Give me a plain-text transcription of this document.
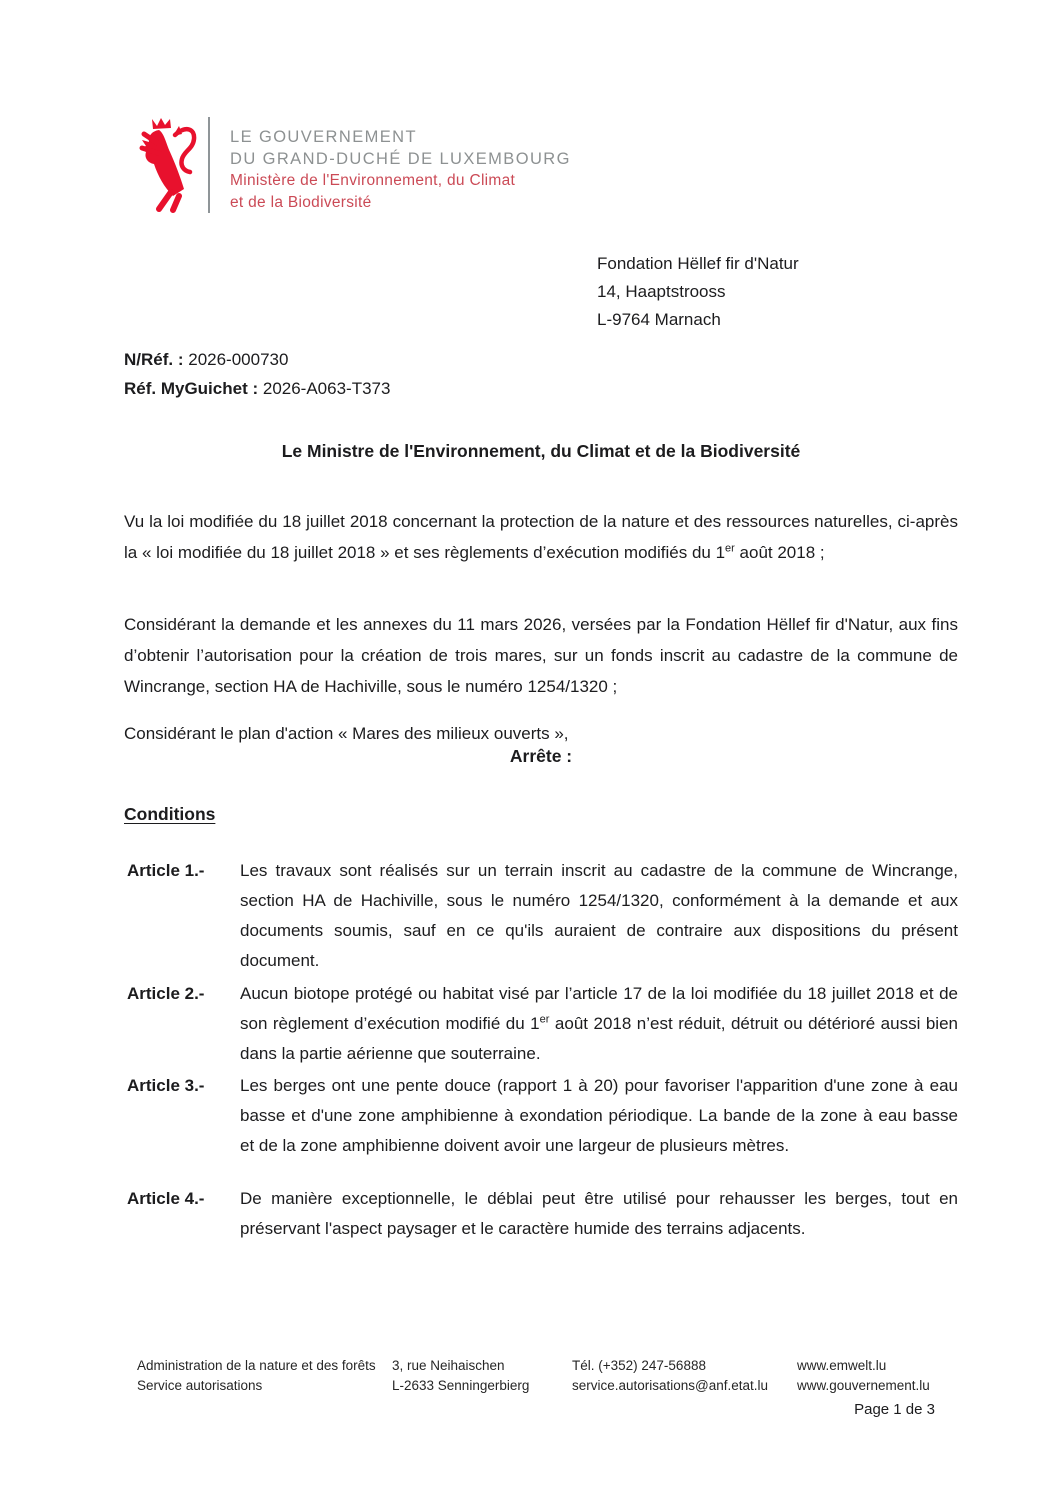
LE GOUVERNEMENT
DU GRAND-DUCHÉ DE LUXEMBOURG
Ministère de l'Environnement, du Climat
et de la Biodiversité
Fondation Hëllef fir d'Natur
14, Haaptstrooss
L-9764 Marnach
N/Réf. : 2026-000730
Réf. MyGuichet : 2026-A063-T373
Le Ministre de l'Environnement, du Climat et de la Biodiversité

Vu la loi modifiée du 18 juillet 2018 concernant la protection de la nature et des ressources naturelles, ci-après la « loi modifiée du 18 juillet 2018 » et ses règlements d’exécution modifiés du 1er août 2018 ;

Considérant la demande et les annexes du 11 mars 2026, versées par la Fondation Hëllef fir d'Natur, aux fins d’obtenir l’autorisation pour la création de trois mares, sur un fonds inscrit au cadastre de la commune de Wincrange, section HA de Hachiville, sous le numéro 1254/1320 ;

Considérant le plan d'action « Mares des milieux ouverts »,

Arrête :
Conditions
Article 1.-	Les travaux sont réalisés sur un terrain inscrit au cadastre de la commune de Wincrange, section HA de Hachiville, sous le numéro 1254/1320, conformément à la demande et aux documents soumis, sauf en ce qu'ils auraient de contraire aux dispositions du présent document.
Article 2.-	Aucun biotope protégé ou habitat visé par l’article 17 de la loi modifiée du 18 juillet 2018 et de son règlement d’exécution modifié du 1er août 2018 n’est réduit, détruit ou détérioré aussi bien dans la partie aérienne que souterraine.
Article 3.-	Les berges ont une pente douce (rapport 1 à 20) pour favoriser l'apparition d'une zone à eau basse et d'une zone amphibienne à exondation périodique. La bande de la zone à eau basse et de la zone amphibienne doivent avoir une largeur de plusieurs mètres.
Article 4.-	De manière exceptionnelle, le déblai peut être utilisé pour rehausser les berges, tout en préservant l'aspect paysager et le caractère humide des terrains adjacents.
Administration de la nature et des forêts
Service autorisations
3, rue Neihaischen
L-2633 Senningerbierg
Tél. (+352) 247-56888
service.autorisations@anf.etat.lu
www.emwelt.lu
www.gouvernement.lu
Page 1 de 3
